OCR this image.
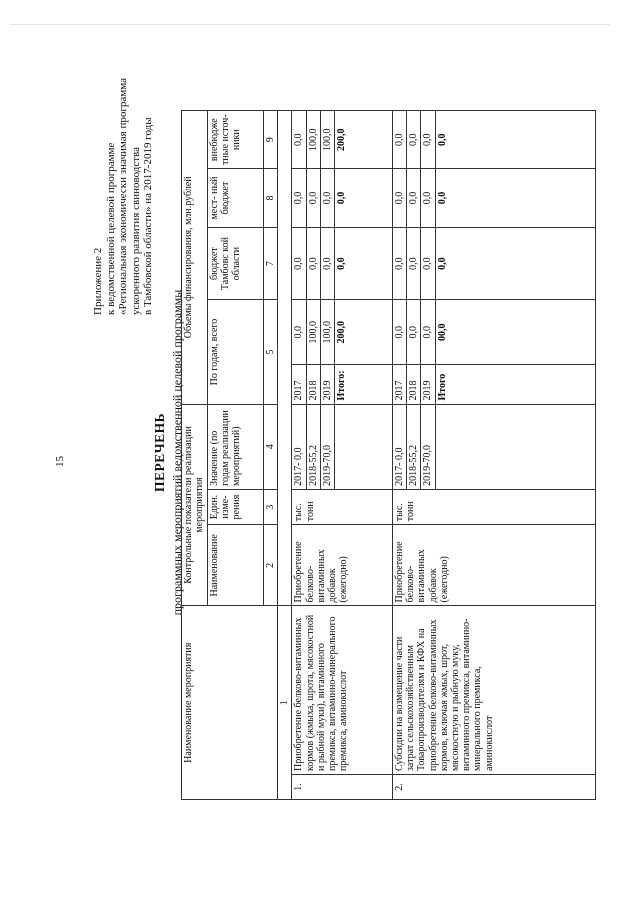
15
Приложение 2 к ведомственной целевой программе «Региональная экономически значимая программа ускоренного развития свиноводства в Тамбовской области» на 2017-2019 годы
ПЕРЕЧЕНЬ программных мероприятий ведомственной целевой программы
Наименование мероприятия		Контрольные показатели реализации мероприятия			Объемы финансирования, млн.рублей				
		Наименование	Един. изме- рения	Значение (по годам реализации мероприятий)	По годам, всего		бюджет Тамбовс кой области	мест- ный бюджет	внебюдже тные источ- ники
		2	3	4	5		7	8	9
1									
1.	Приобретение белково-витаминных кормов (жмыха, шрота, мясокостной и рыбной муки), витаминного премикса, витаминно-минерального премикса, аминокислот	Приобретение белково- витаминных добавок (ежегодно)	тыс. тонн	2017- 0,0	2017	0,0	0,0	0,0	0,0
				2018-55,2	2018	100,0	0,0	0,0	100,0
				2019-70,0	2019	100,0	0,0	0,0	100,0
					Итого:	200,0	0,0	0,0	200,0
2.	Субсидии на возмещение части затрат сельскохозяйственным Товаропроизводителям и КФХ на приобретение белково-витаминных кормов, включая жмых, шрот, мясокостную и рыбную муку, витаминного премикса, витаминно-минерального премикса, аминокислот	Приобретение белково- витаминных добавок (ежегодно)	тыс. тонн	2017- 0,0	2017	0,0	0,0	0,0	0,0
				2018-55,2	2018	0,0	0,0	0,0	0,0
				2019-70,0	2019	0,0	0,0	0,0	0,0
					Итого	00,0	0,0	0,0	0,0
